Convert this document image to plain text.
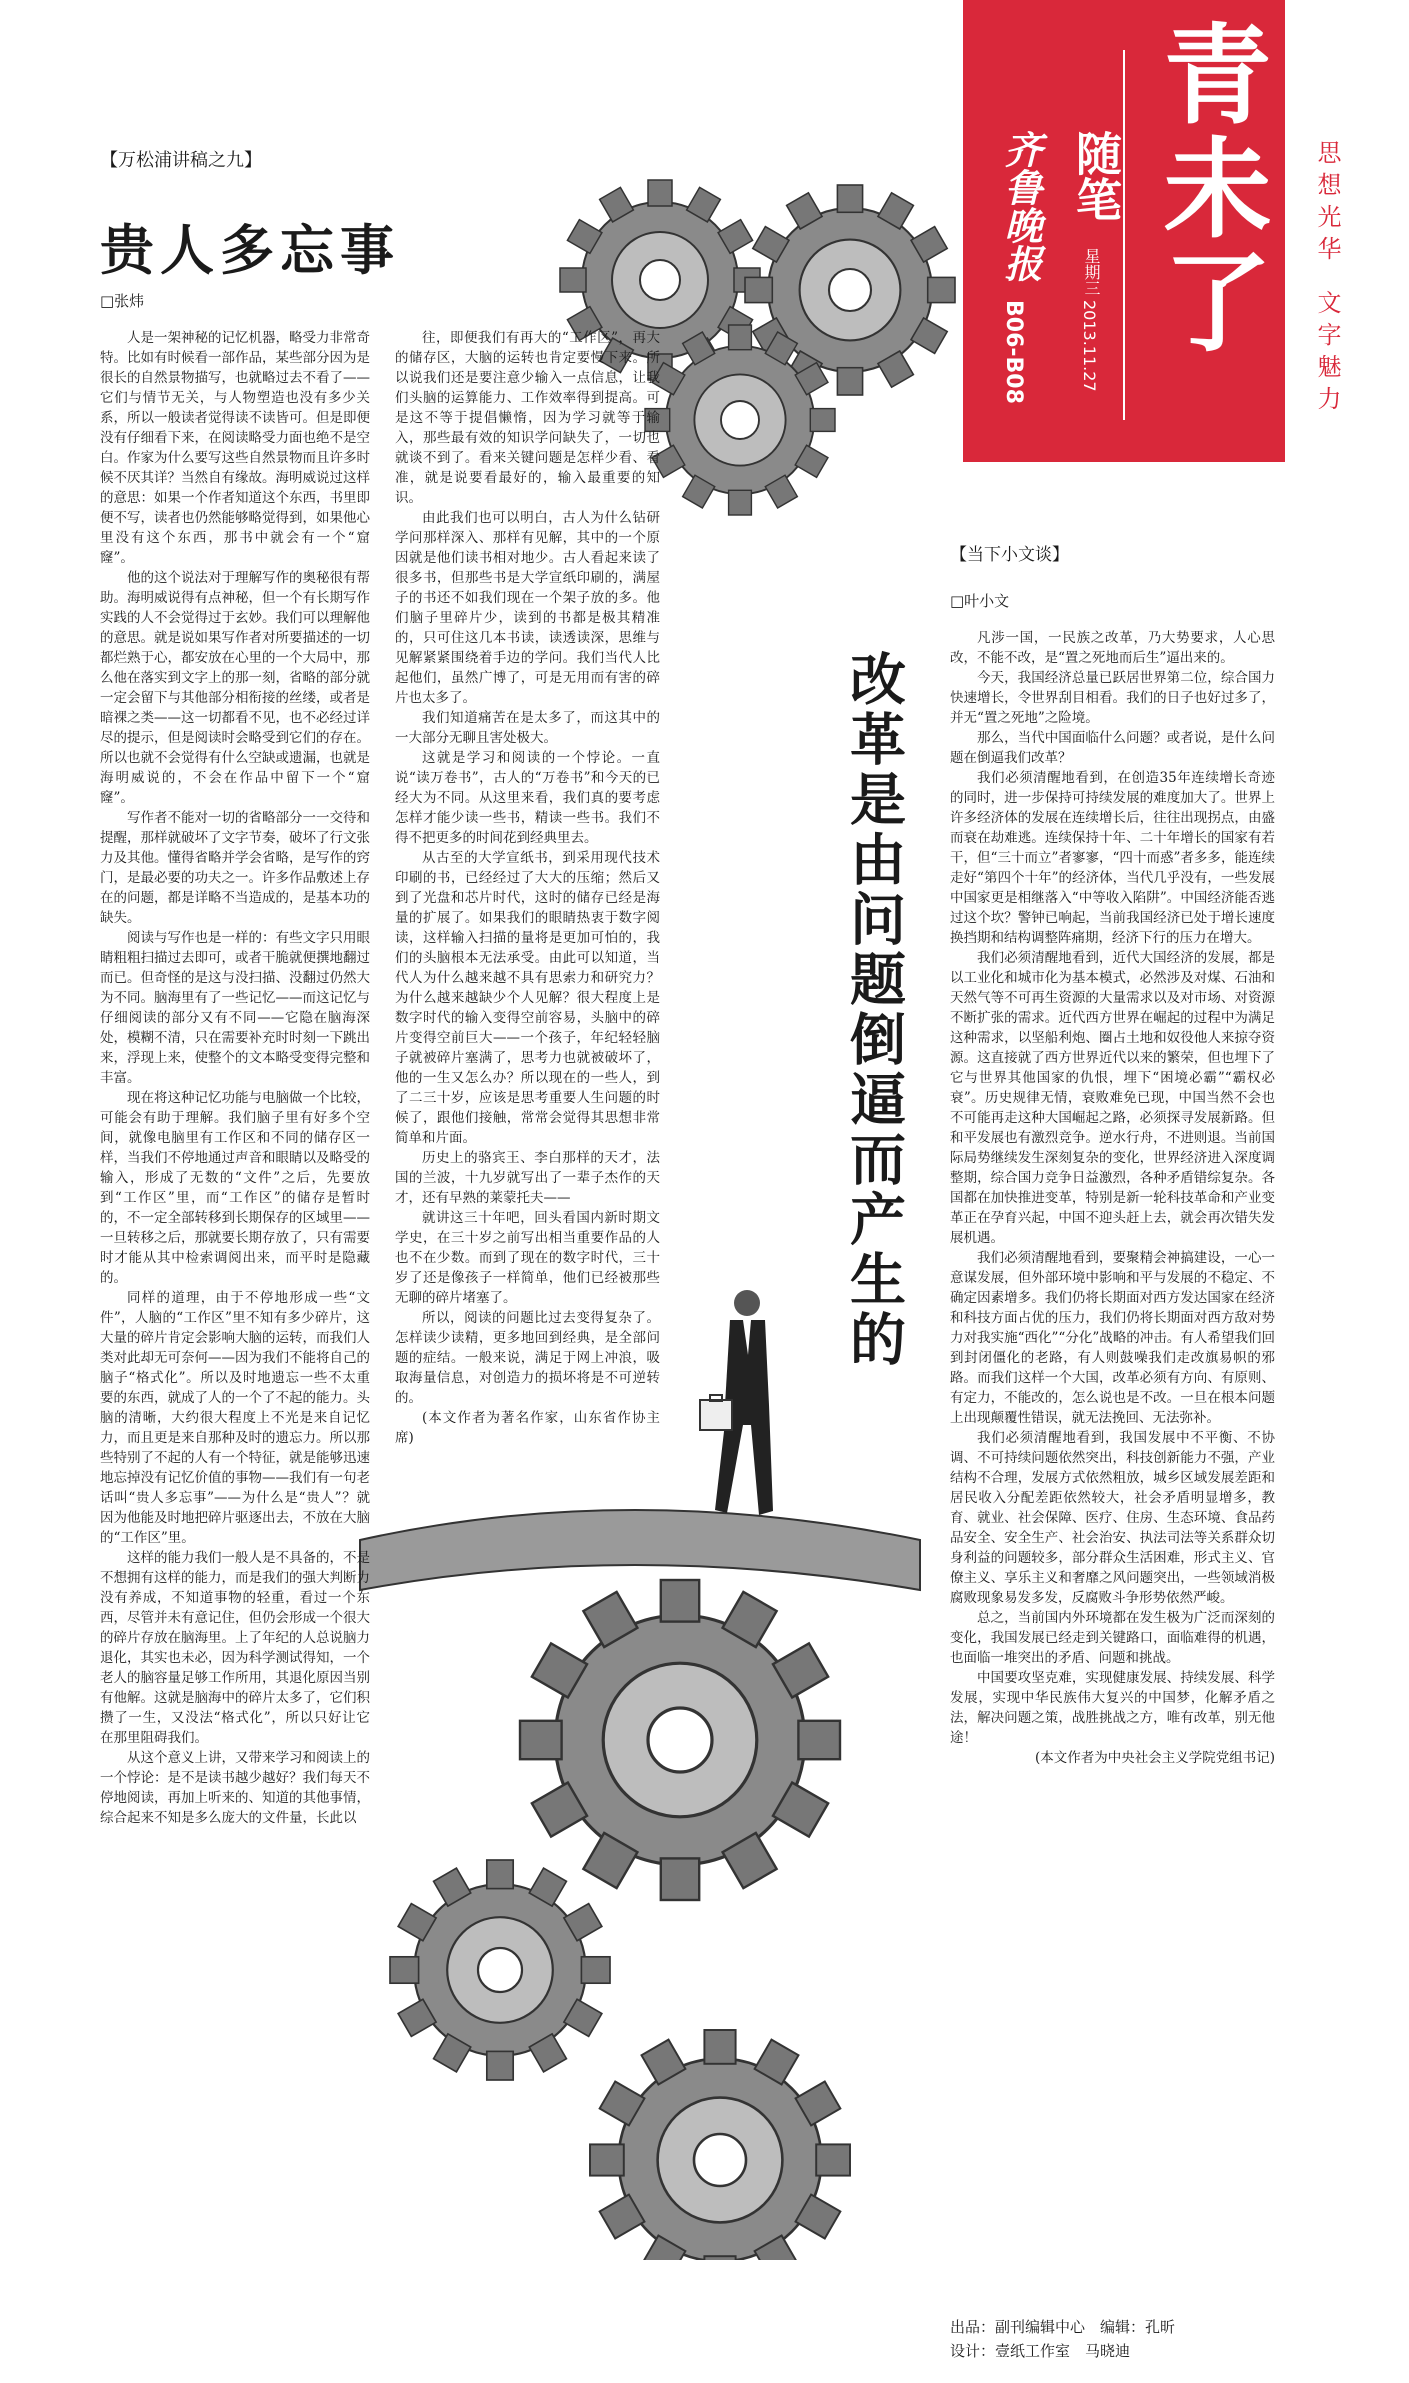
青未了
随笔
齐鲁晚报
B06-B08
星期三
2013.11.27
思想光华
文字魅力
【万松浦讲稿之九】
贵人多忘事
□张炜

人是一架神秘的记忆机器，略受力非常奇特。比如有时候看一部作品，某些部分因为是很长的自然景物描写，也就略过去不看了——它们与情节无关，与人物塑造也没有多少关系，所以一般读者觉得读不读皆可。但是即便没有仔细看下来，在阅读略受力面也绝不是空白。作家为什么要写这些自然景物而且许多时候不厌其详？当然自有缘故。海明威说过这样的意思：如果一个作者知道这个东西，书里即便不写，读者也仍然能够略觉得到，如果他心里没有这个东西，那书中就会有一个“窟窿”。

他的这个说法对于理解写作的奥秘很有帮助。海明威说得有点神秘，但一个有长期写作实践的人不会觉得过于玄妙。我们可以理解他的意思。就是说如果写作者对所要描述的一切都烂熟于心，都安放在心里的一个大局中，那么他在落实到文字上的那一刻，省略的部分就一定会留下与其他部分相衔接的丝缕，或者是暗裸之类——这一切都看不见，也不必经过详尽的提示，但是阅读时会略受到它们的存在。所以也就不会觉得有什么空缺或遗漏，也就是海明威说的，不会在作品中留下一个“窟窿”。

写作者不能对一切的省略部分一一交待和提醒，那样就破坏了文字节奏，破坏了行文张力及其他。懂得省略并学会省略，是写作的窍门，是最必要的功夫之一。许多作品敷述上存在的问题，都是详略不当造成的，是基本功的缺失。

阅读与写作也是一样的：有些文字只用眼睛粗粗扫描过去即可，或者干脆就便撰地翻过而已。但奇怪的是这与没扫描、没翻过仍然大为不同。脑海里有了一些记忆——而这记忆与仔细阅读的部分又有不同——它隐在脑海深处，模糊不清，只在需要补充时时刻一下跳出来，浮现上来，使整个的文本略受变得完整和丰富。

现在将这种记忆功能与电脑做一个比较，可能会有助于理解。我们脑子里有好多个空间，就像电脑里有工作区和不同的储存区一样，当我们不停地通过声音和眼睛以及略受的输入，形成了无数的“文件”之后，先要放到“工作区”里，而“工作区”的储存是暂时的，不一定全部转移到长期保存的区域里——一旦转移之后，那就要长期存放了，只有需要时才能从其中检索调阅出来，而平时是隐藏的。

同样的道理，由于不停地形成一些“文件”，人脑的“工作区”里不知有多少碎片，这大量的碎片肯定会影响大脑的运转，而我们人类对此却无可奈何——因为我们不能将自己的脑子“格式化”。所以及时地遗忘一些不太重要的东西，就成了人的一个了不起的能力。头脑的清晰，大约很大程度上不光是来自记忆力，而且更是来自那种及时的遗忘力。所以那些特别了不起的人有一个特征，就是能够迅速地忘掉没有记忆价值的事物——我们有一句老话叫“贵人多忘事”——为什么是“贵人”？就因为他能及时地把碎片驱逐出去，不放在大脑的“工作区”里。

这样的能力我们一般人是不具备的，不是不想拥有这样的能力，而是我们的强大判断力没有养成，不知道事物的轻重，看过一个东西，尽管并未有意记住，但仍会形成一个很大的碎片存放在脑海里。上了年纪的人总说脑力退化，其实也未必，因为科学测试得知，一个老人的脑容量足够工作所用，其退化原因当别有他解。这就是脑海中的碎片太多了，它们积攒了一生，又没法“格式化”，所以只好让它在那里阻碍我们。

从这个意义上讲，又带来学习和阅读上的一个悖论：是不是读书越少越好？我们每天不停地阅读，再加上听来的、知道的其他事情，综合起来不知是多么庞大的文件量，长此以

往，即便我们有再大的“工作区”，再大的储存区，大脑的运转也肯定要慢下来。所以说我们还是要注意少输入一点信息，让我们头脑的运算能力、工作效率得到提高。可是这不等于提倡懒惰，因为学习就等于输入，那些最有效的知识学问缺失了，一切也就谈不到了。看来关键问题是怎样少看、看准，就是说要看最好的，输入最重要的知识。

由此我们也可以明白，古人为什么钻研学问那样深入、那样有见解，其中的一个原因就是他们读书相对地少。古人看起来读了很多书，但那些书是大学宣纸印刷的，满屋子的书还不如我们现在一个架子放的多。他们脑子里碎片少，读到的书都是极其精准的，只可住这几本书读，读透读深，思维与见解紧紧围绕着手边的学问。我们当代人比起他们，虽然广博了，可是无用而有害的碎片也太多了。

我们知道痛苦在是太多了，而这其中的一大部分无聊且害处极大。

这就是学习和阅读的一个悖论。一直说“读万卷书”，古人的“万卷书”和今天的已经大为不同。从这里来看，我们真的要考虑怎样才能少读一些书，精读一些书。我们不得不把更多的时间花到经典里去。

从古至的大学宣纸书，到采用现代技术印刷的书，已经经过了大大的压缩；然后又到了光盘和芯片时代，这时的储存已经是海量的扩展了。如果我们的眼睛热衷于数字阅读，这样输入扫描的量将是更加可怕的，我们的头脑根本无法承受。由此可以知道，当代人为什么越来越不具有思索力和研究力？为什么越来越缺少个人见解？很大程度上是数字时代的输入变得空前容易，头脑中的碎片变得空前巨大——一个孩子，年纪轻轻脑子就被碎片塞满了，思考力也就被破坏了，他的一生又怎么办？所以现在的一些人，到了二三十岁，应该是思考重要人生问题的时候了，跟他们接触，常常会觉得其思想非常简单和片面。

历史上的骆宾王、李白那样的天才，法国的兰波，十九岁就写出了一辈子杰作的天才，还有早熟的莱蒙托夫——

就讲这三十年吧，回头看国内新时期文学史，在三十岁之前写出相当重要作品的人也不在少数。而到了现在的数字时代，三十岁了还是像孩子一样简单，他们已经被那些无聊的碎片堵塞了。

所以，阅读的问题比过去变得复杂了。怎样读少读精，更多地回到经典，是全部问题的症结。一般来说，满足于网上冲浪，吸取海量信息，对创造力的损坏将是不可逆转的。

(本文作者为著名作家，山东省作协主席)

改革是由问题倒逼而产生的
【当下小文谈】
□叶小文

凡涉一国，一民族之改革，乃大势要求，人心思改，不能不改，是“置之死地而后生”逼出来的。

今天，我国经济总量已跃居世界第二位，综合国力快速增长，令世界刮目相看。我们的日子也好过多了，并无“置之死地”之险境。

那么，当代中国面临什么问题？或者说，是什么问题在倒逼我们改革？

我们必须清醒地看到，在创造35年连续增长奇迹的同时，进一步保持可持续发展的难度加大了。世界上许多经济体的发展在连续增长后，往往出现拐点，由盛而衰在劫难逃。连续保持十年、二十年增长的国家有若干，但“三十而立”者寥寥，“四十而惑”者多多，能连续走好“第四个十年”的经济体，当代几乎没有，一些发展中国家更是相继落入“中等收入陷阱”。中国经济能否逃过这个坎？警钟已响起，当前我国经济已处于增长速度换挡期和结构调整阵痛期，经济下行的压力在增大。

我们必须清醒地看到，近代大国经济的发展，都是以工业化和城市化为基本模式，必然涉及对煤、石油和天然气等不可再生资源的大量需求以及对市场、对资源不断扩张的需求。近代西方世界在崛起的过程中为满足这种需求，以坚船利炮、圈占土地和奴役他人来掠夺资源。这直接就了西方世界近代以来的繁荣，但也埋下了它与世界其他国家的仇恨，埋下“困境必霸”“霸权必衰”。历史规律无情，衰败难免已现，中国当然不会也不可能再走这种大国崛起之路，必须探寻发展新路。但和平发展也有激烈竞争。逆水行舟，不进则退。当前国际局势继续发生深刻复杂的变化，世界经济进入深度调整期，综合国力竞争日益激烈，各种矛盾错综复杂。各国都在加快推进变革，特别是新一轮科技革命和产业变革正在孕育兴起，中国不迎头赶上去，就会再次错失发展机遇。

我们必须清醒地看到，要聚精会神搞建设，一心一意谋发展，但外部环境中影响和平与发展的不稳定、不确定因素增多。我们仍将长期面对西方发达国家在经济和科技方面占优的压力，我们仍将长期面对西方敌对势力对我实施“西化”“分化”战略的冲击。有人希望我们回到封闭僵化的老路，有人则鼓噪我们走改旗易帜的邪路。而我们这样一个大国，改革必须有方向、有原则、有定力，不能改的，怎么说也是不改。一旦在根本问题上出现颠覆性错误，就无法挽回、无法弥补。

我们必须清醒地看到，我国发展中不平衡、不协调、不可持续问题依然突出，科技创新能力不强，产业结构不合理，发展方式依然粗放，城乡区域发展差距和居民收入分配差距依然较大，社会矛盾明显增多，教育、就业、社会保障、医疗、住房、生态环境、食品药品安全、安全生产、社会治安、执法司法等关系群众切身利益的问题较多，部分群众生活困难，形式主义、官僚主义、享乐主义和奢靡之风问题突出，一些领域消极腐败现象易发多发，反腐败斗争形势依然严峻。

总之，当前国内外环境都在发生极为广泛而深刻的变化，我国发展已经走到关键路口，面临难得的机遇，也面临一堆突出的矛盾、问题和挑战。

中国要攻坚克难，实现健康发展、持续发展、科学发展，实现中华民族伟大复兴的中国梦，化解矛盾之法，解决问题之策，战胜挑战之方，唯有改革，别无他途！

(本文作者为中央社会主义学院党组书记)

出品：副刊编辑中心　编辑：孔昕
设计：壹纸工作室　马晓迪
